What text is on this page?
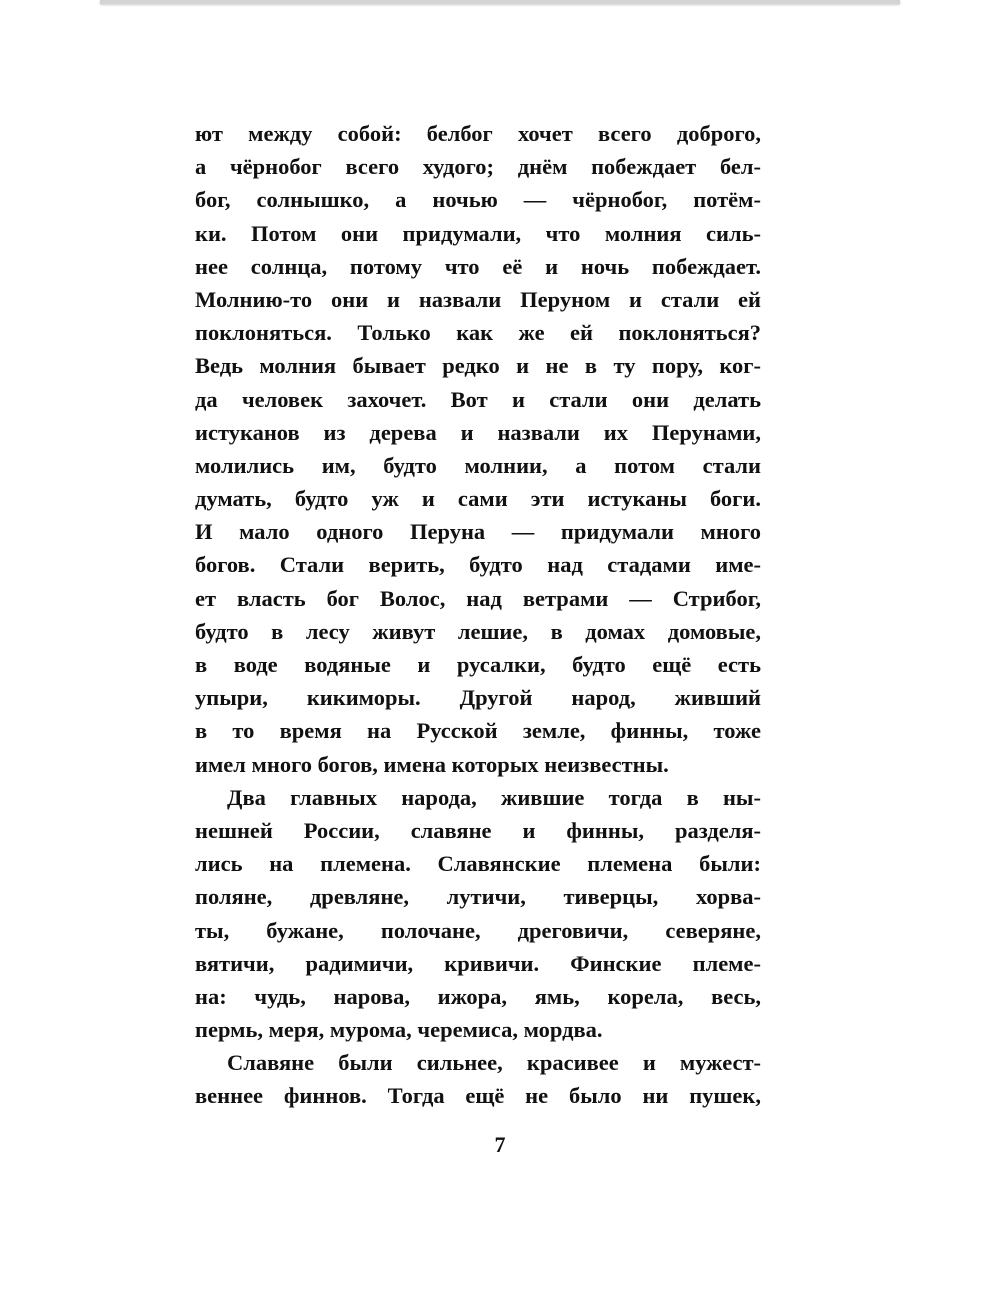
ют между собой: белбог хочет всего доброго,
а чёрнобог всего худого; днём побеждает бел-
бог, солнышко, а ночью — чёрнобог, потём-
ки. Потом они придумали, что молния силь-
нее солнца, потому что её и ночь побеждает.
Молнию-то они и назвали Перуном и стали ей
поклоняться. Только как же ей поклоняться?
Ведь молния бывает редко и не в ту пору, ког-
да человек захочет. Вот и стали они делать
истуканов из дерева и назвали их Перунами,
молились им, будто молнии, а потом стали
думать, будто уж и сами эти истуканы боги.
И мало одного Перуна — придумали много
богов. Стали верить, будто над стадами име-
ет власть бог Волос, над ветрами — Стрибог,
будто в лесу живут лешие, в домах домовые,
в воде водяные и русалки, будто ещё есть
упыри, кикиморы. Другой народ, живший
в то время на Русской земле, финны, тоже
имел много богов, имена которых неизвестны.
Два главных народа, жившие тогда в ны-
нешней России, славяне и финны, разделя-
лись на племена. Славянские племена были:
поляне, древляне, лутичи, тиверцы, хорва-
ты, бужане, полочане, дреговичи, северяне,
вятичи, радимичи, кривичи. Финские племе-
на: чудь, нарова, ижора, ямь, корела, весь,
пермь, меря, мурома, черемиса, мордва.
Славяне были сильнее, красивее и мужест-
веннее финнов. Тогда ещё не было ни пушек,
7
